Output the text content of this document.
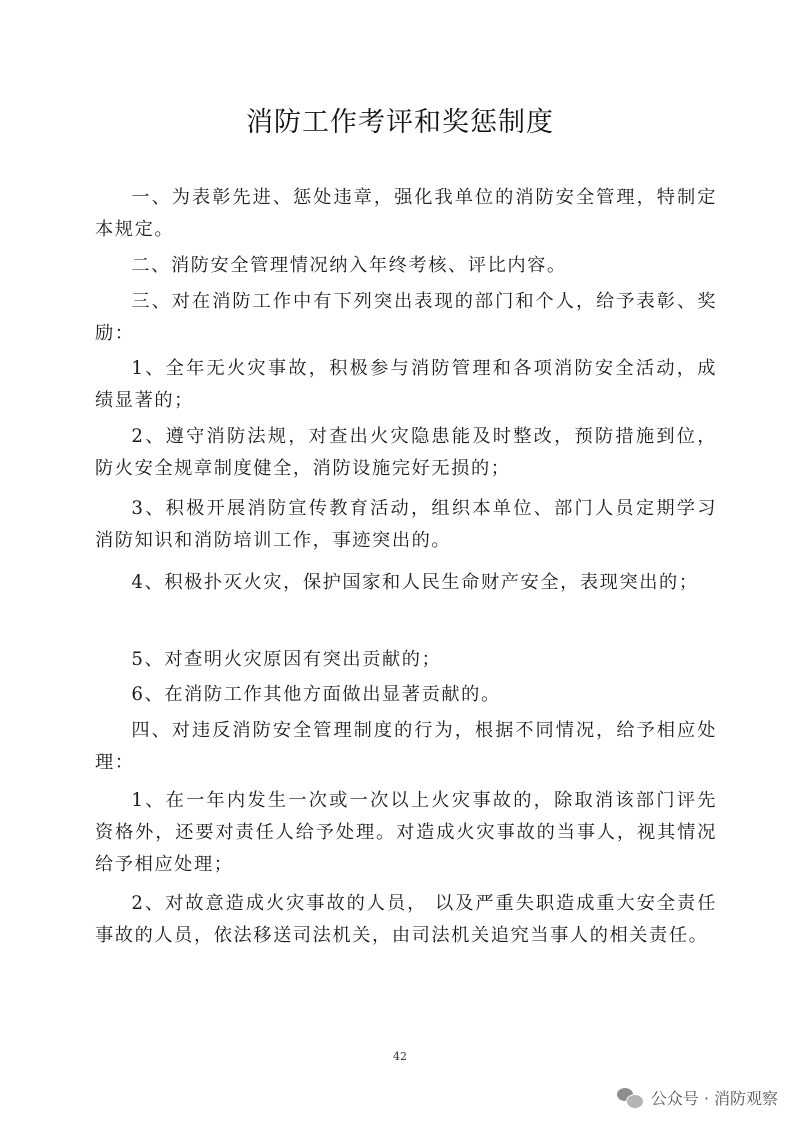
消防工作考评和奖惩制度

一、为表彰先进、惩处违章，强化我单位的消防安全管理，特制定本规定。

二、消防安全管理情况纳入年终考核、评比内容。

三、对在消防工作中有下列突出表现的部门和个人，给予表彰、奖励：

1、全年无火灾事故，积极参与消防管理和各项消防安全活动，成绩显著的；

2、遵守消防法规，对查出火灾隐患能及时整改，预防措施到位，防火安全规章制度健全，消防设施完好无损的；

3、积极开展消防宣传教育活动，组织本单位、部门人员定期学习消防知识和消防培训工作，事迹突出的。

4、积极扑灭火灾，保护国家和人民生命财产安全，表现突出的；

5、对查明火灾原因有突出贡献的；

6、在消防工作其他方面做出显著贡献的。

四、对违反消防安全管理制度的行为，根据不同情况，给予相应处理：

1、在一年内发生一次或一次以上火灾事故的，除取消该部门评先资格外，还要对责任人给予处理。对造成火灾事故的当事人，视其情况给予相应处理；

2、对故意造成火灾事故的人员， 以及严重失职造成重大安全责任事故的人员，依法移送司法机关，由司法机关追究当事人的相关责任。

42
公众号 · 消防观察
